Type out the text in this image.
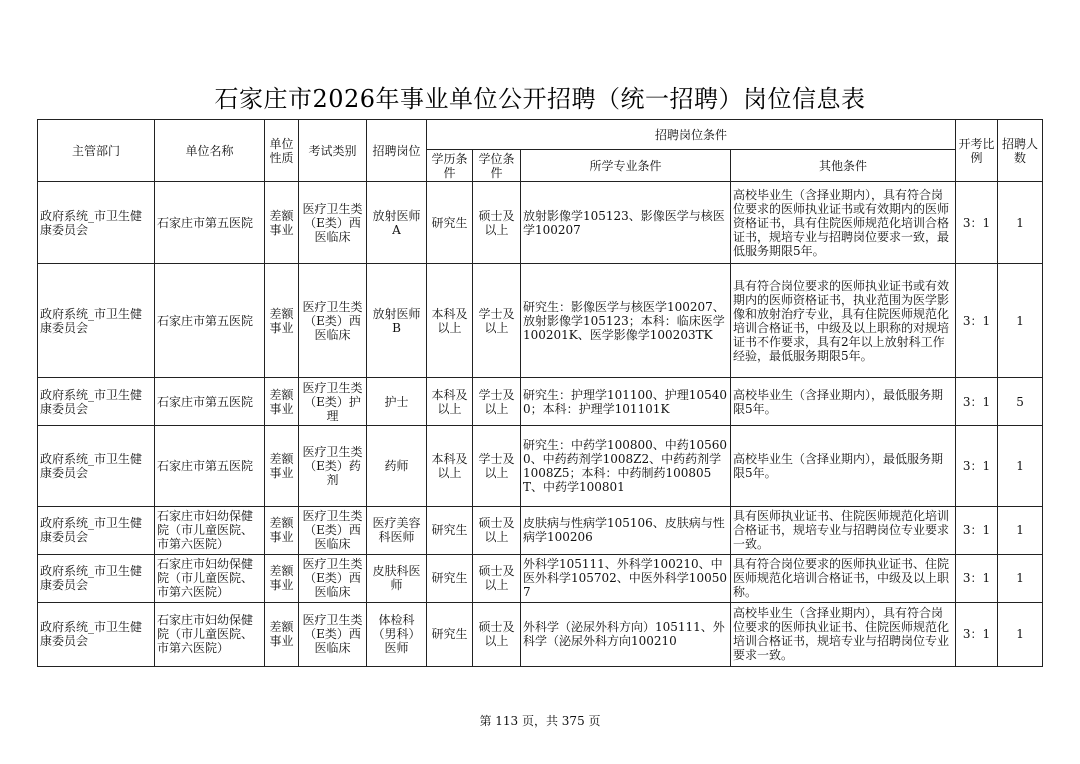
石家庄市2026年事业单位公开招聘（统一招聘）岗位信息表
主管部门	单位名称	单位性质	考试类别	招聘岗位	招聘岗位条件				开考比例	招聘人数
					学历条件	学位条件	所学专业条件	其他条件		
政府系统_市卫生健康委员会	石家庄市第五医院	差额事业	医疗卫生类（E类）西医临床	放射医师A	研究生	硕士及以上	放射影像学105123、影像医学与核医学100207	高校毕业生（含择业期内），具有符合岗位要求的医师执业证书或有效期内的医师资格证书，具有住院医师规范化培训合格证书，规培专业与招聘岗位要求一致，最低服务期限5年。	3：1	1
政府系统_市卫生健康委员会	石家庄市第五医院	差额事业	医疗卫生类（E类）西医临床	放射医师B	本科及以上	学士及以上	研究生：影像医学与核医学100207、放射影像学105123；本科：临床医学100201K、医学影像学100203TK	具有符合岗位要求的医师执业证书或有效期内的医师资格证书，执业范围为医学影像和放射治疗专业，具有住院医师规范化培训合格证书，中级及以上职称的对规培证书不作要求，具有2年以上放射科工作经验，最低服务期限5年。	3：1	1
政府系统_市卫生健康委员会	石家庄市第五医院	差额事业	医疗卫生类（E类）护理	护士	本科及以上	学士及以上	研究生：护理学101100、护理105400；本科：护理学101101K	高校毕业生（含择业期内），最低服务期限5年。	3：1	5
政府系统_市卫生健康委员会	石家庄市第五医院	差额事业	医疗卫生类（E类）药剂	药师	本科及以上	学士及以上	研究生：中药学100800、中药105600、中药药剂学1008Z2、中药药剂学1008Z5；本科：中药制药100805T、中药学100801	高校毕业生（含择业期内），最低服务期限5年。	3：1	1
政府系统_市卫生健康委员会	石家庄市妇幼保健院（市儿童医院、市第六医院）	差额事业	医疗卫生类（E类）西医临床	医疗美容科医师	研究生	硕士及以上	皮肤病与性病学105106、皮肤病与性病学100206	具有医师执业证书、住院医师规范化培训合格证书，规培专业与招聘岗位专业要求一致。	3：1	1
政府系统_市卫生健康委员会	石家庄市妇幼保健院（市儿童医院、市第六医院）	差额事业	医疗卫生类（E类）西医临床	皮肤科医师	研究生	硕士及以上	外科学105111、外科学100210、中医外科学105702、中医外科学100507	具有符合岗位要求的医师执业证书、住院医师规范化培训合格证书，中级及以上职称。	3：1	1
政府系统_市卫生健康委员会	石家庄市妇幼保健院（市儿童医院、市第六医院）	差额事业	医疗卫生类（E类）西医临床	体检科（男科）医师	研究生	硕士及以上	外科学（泌尿外科方向）105111、外科学（泌尿外科方向100210	高校毕业生（含择业期内），具有符合岗位要求的医师执业证书、住院医师规范化培训合格证书，规培专业与招聘岗位专业要求一致。	3：1	1
第 113 页，共 375 页
